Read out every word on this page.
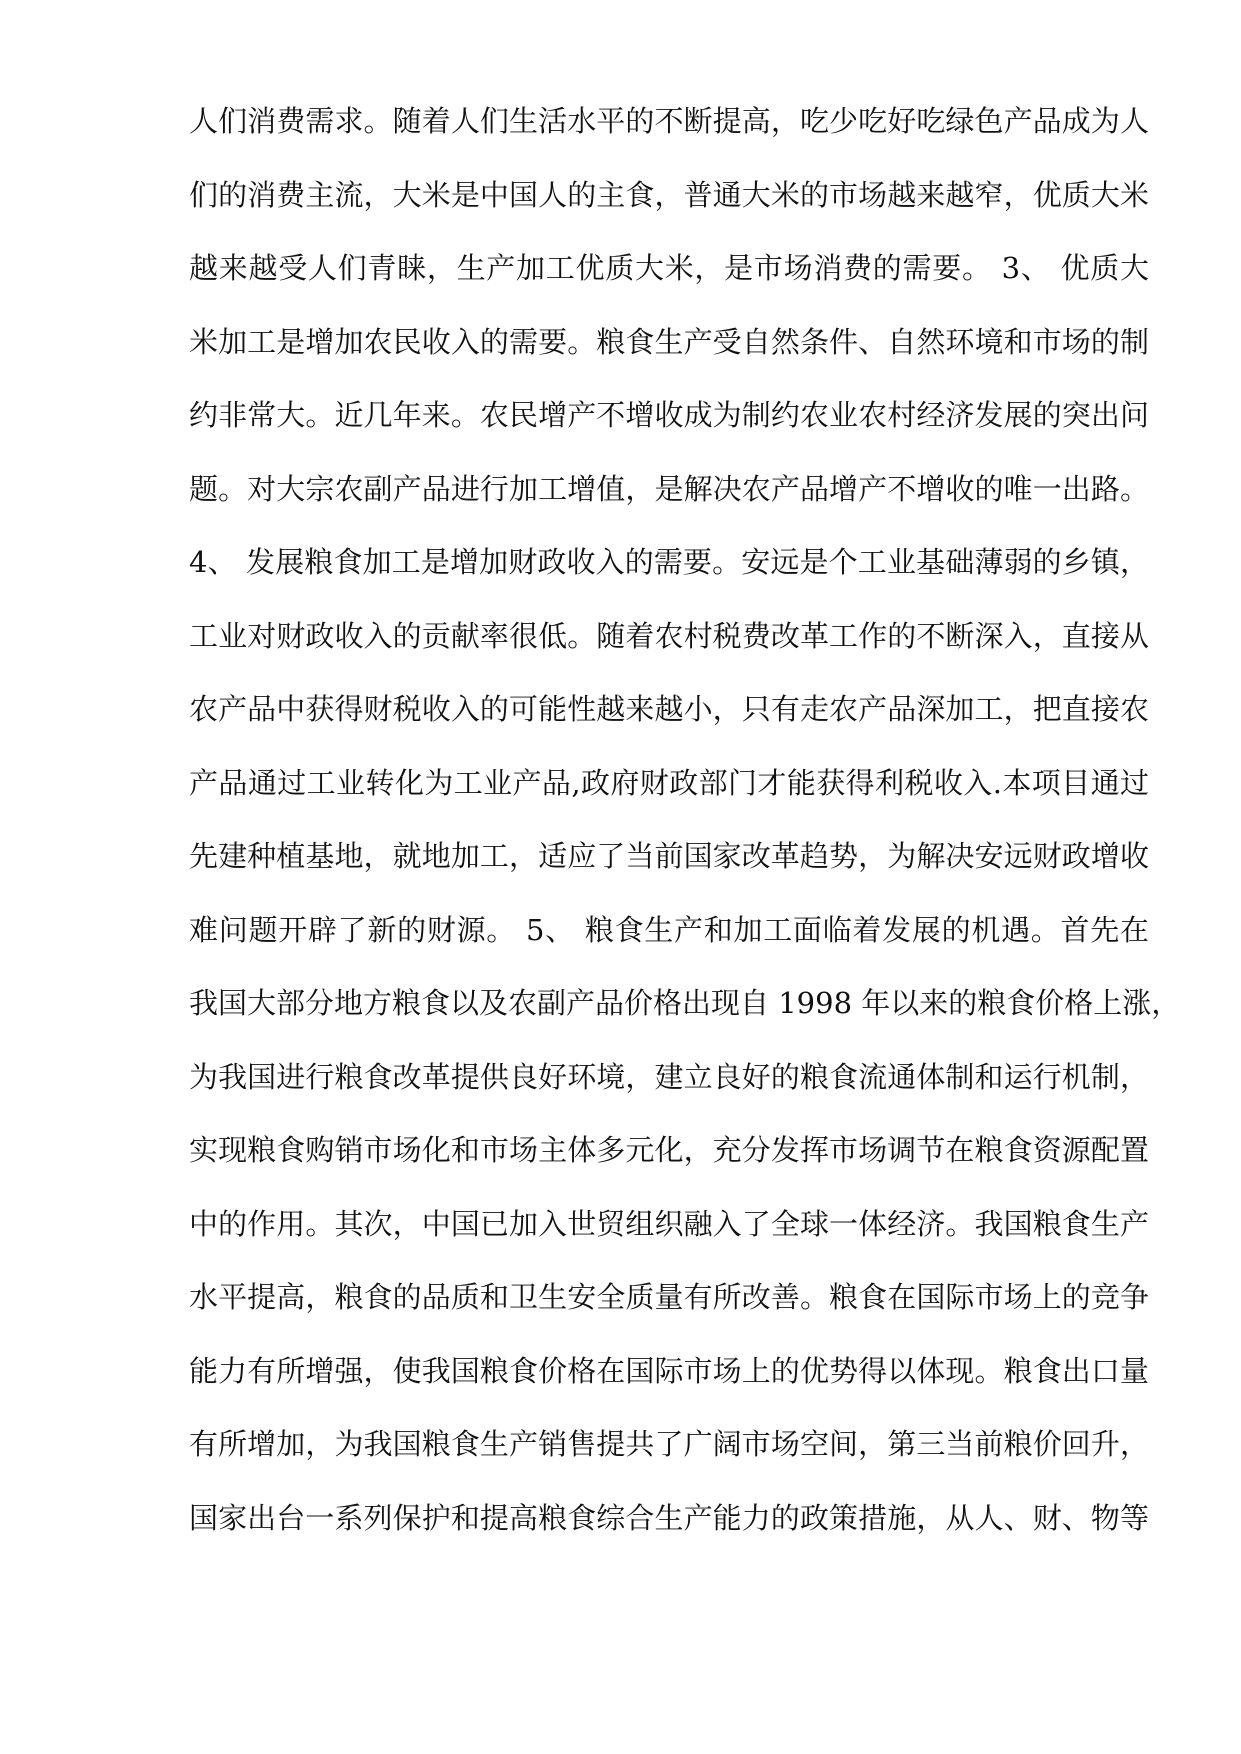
人们消费需求。随着人们生活水平的不断提高，吃少吃好吃绿色产品成为人
们的消费主流，大米是中国人的主食，普通大米的市场越来越窄，优质大米
越来越受人们青睐，生产加工优质大米，是市场消费的需要。 3、 优质大
米加工是增加农民收入的需要。粮食生产受自然条件、自然环境和市场的制
约非常大。近几年来。农民增产不增收成为制约农业农村经济发展的突出问
题。对大宗农副产品进行加工增值，是解决农产品增产不增收的唯一出路。
4、 发展粮食加工是增加财政收入的需要。安远是个工业基础薄弱的乡镇，
工业对财政收入的贡献率很低。随着农村税费改革工作的不断深入，直接从
农产品中获得财税收入的可能性越来越小，只有走农产品深加工，把直接农
产品通过工业转化为工业产品,政府财政部门才能获得利税收入.本项目通过
先建种植基地，就地加工，适应了当前国家改革趋势，为解决安远财政增收
难问题开辟了新的财源。 5、 粮食生产和加工面临着发展的机遇。首先在
我国大部分地方粮食以及农副产品价格出现自 1998 年以来的粮食价格上涨，
为我国进行粮食改革提供良好环境，建立良好的粮食流通体制和运行机制，
实现粮食购销市场化和市场主体多元化，充分发挥市场调节在粮食资源配置
中的作用。其次，中国已加入世贸组织融入了全球一体经济。我国粮食生产
水平提高，粮食的品质和卫生安全质量有所改善。粮食在国际市场上的竞争
能力有所增强，使我国粮食价格在国际市场上的优势得以体现。粮食出口量
有所增加，为我国粮食生产销售提共了广阔市场空间，第三当前粮价回升，
国家出台一系列保护和提高粮食综合生产能力的政策措施，从人、财、物等
